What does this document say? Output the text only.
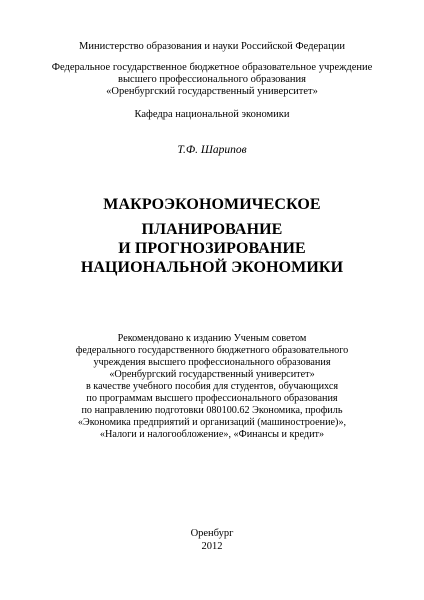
Министерство образования и науки Российской Федерации
Федеральное государственное бюджетное образовательное учреждение
высшего профессионального образования
«Оренбургский государственный университет»
Кафедра национальной экономики
Т.Ф. Шарипов
МАКРОЭКОНОМИЧЕСКОЕ
ПЛАНИРОВАНИЕ
И ПРОГНОЗИРОВАНИЕ
НАЦИОНАЛЬНОЙ ЭКОНОМИКИ
Рекомендовано к изданию Ученым советом
федерального государственного бюджетного образовательного
учреждения высшего профессионального образования
«Оренбургский государственный университет»
в качестве учебного пособия для студентов, обучающихся
по программам высшего профессионального образования
по направлению подготовки 080100.62 Экономика, профиль
«Экономика предприятий и организаций (машиностроение)»,
«Налоги и налогообложение», «Финансы и кредит»
Оренбург
2012
